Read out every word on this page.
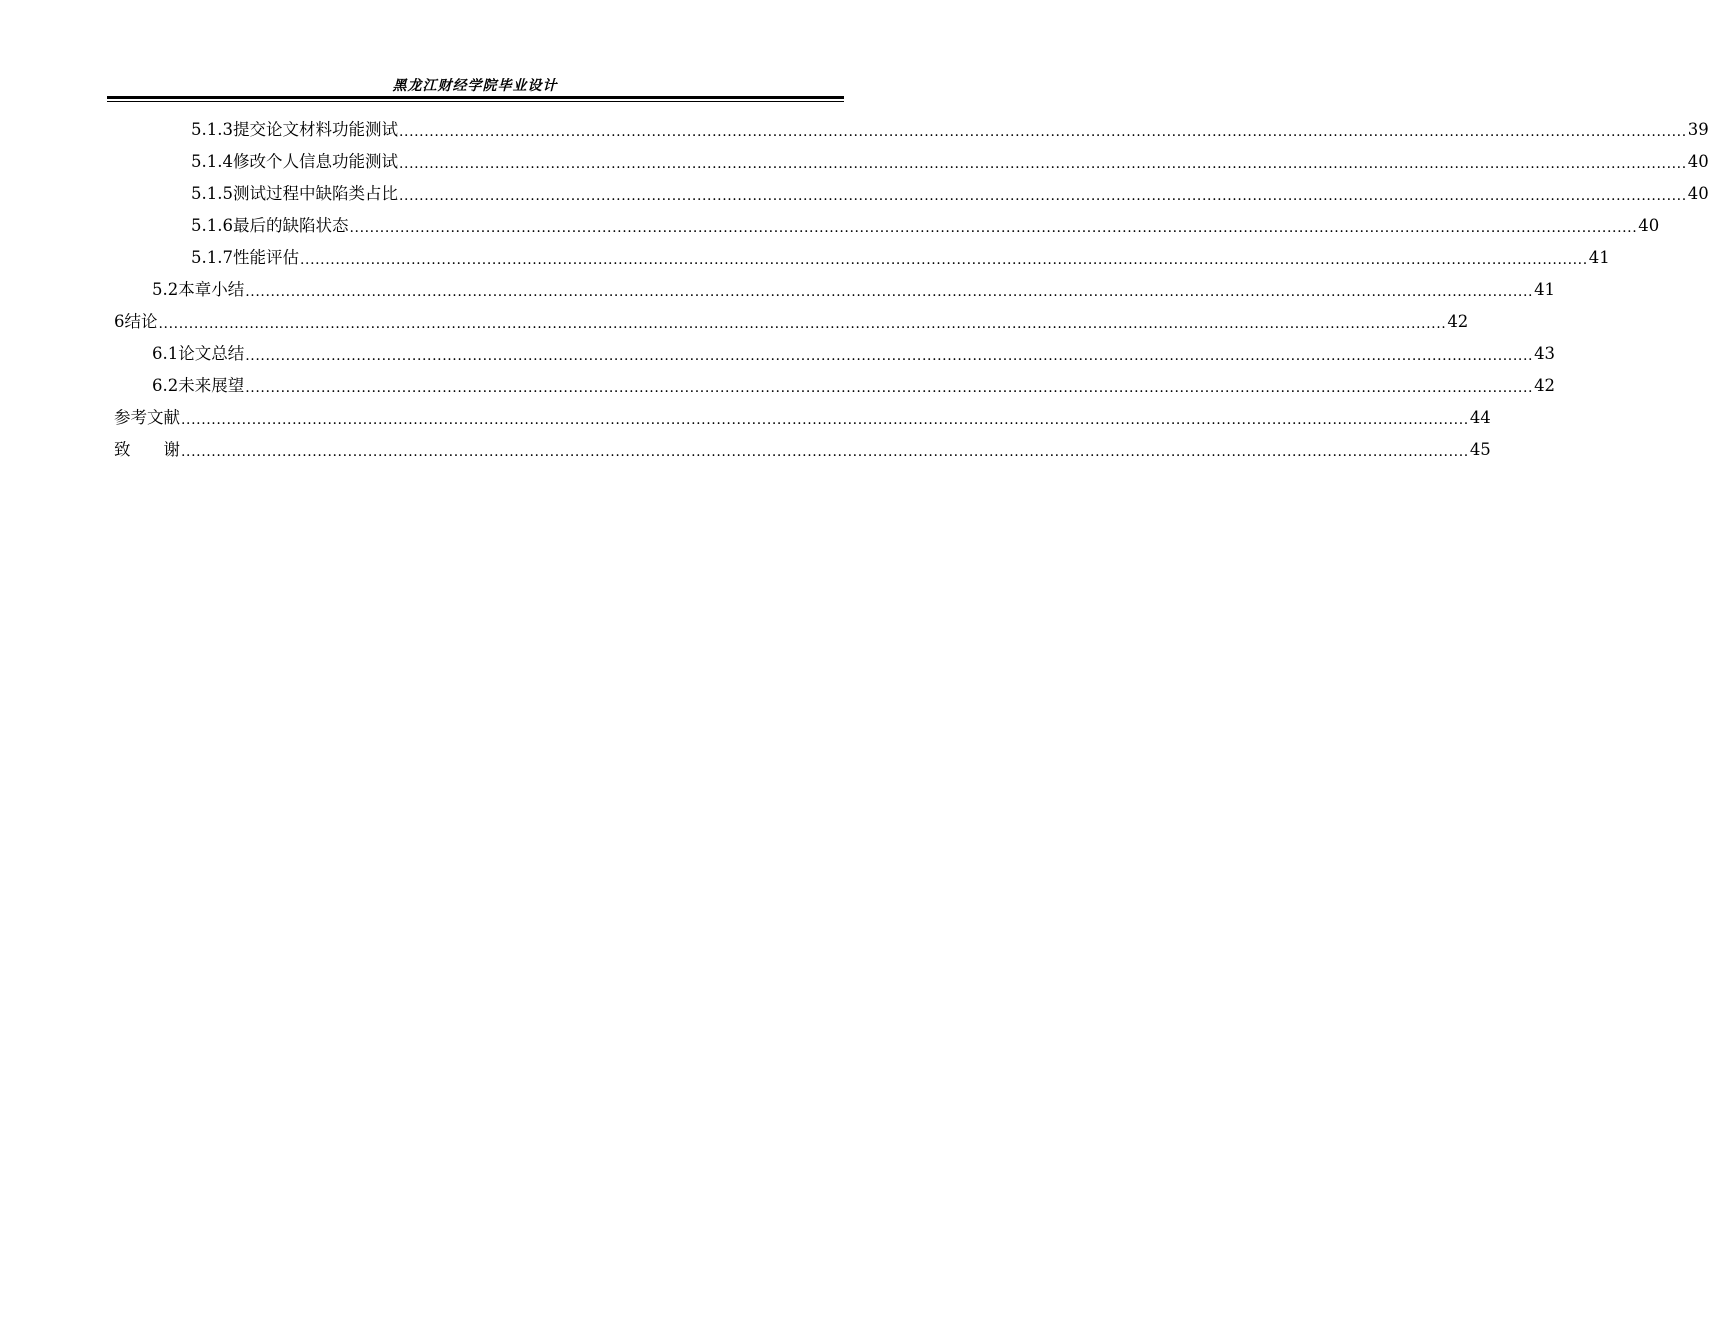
黑龙江财经学院毕业设计
5.1.3 提交论文材料功能测试 ............................................................................................................................................................................................................................................................... 39
5.1.4 修改个人信息功能测试 ............................................................................................................................................................................................................................................................... 40
5.1.5 测试过程中缺陷类占比 ............................................................................................................................................................................................................................................................... 40
5.1.6 最后的缺陷状态 ............................................................................................................................................................................................................................................................... 40
5.1.7 性能评估 ............................................................................................................................................................................................................................................................... 41
5.2 本章小结 ............................................................................................................................................................................................................................................................... 41
6 结论 ............................................................................................................................................................................................................................................................... 42
6.1 论文总结 ............................................................................................................................................................................................................................................................... 43
6.2 未来展望 ............................................................................................................................................................................................................................................................... 42
参考文献 ............................................................................................................................................................................................................................................................... 44
致　　谢 ............................................................................................................................................................................................................................................................... 45
